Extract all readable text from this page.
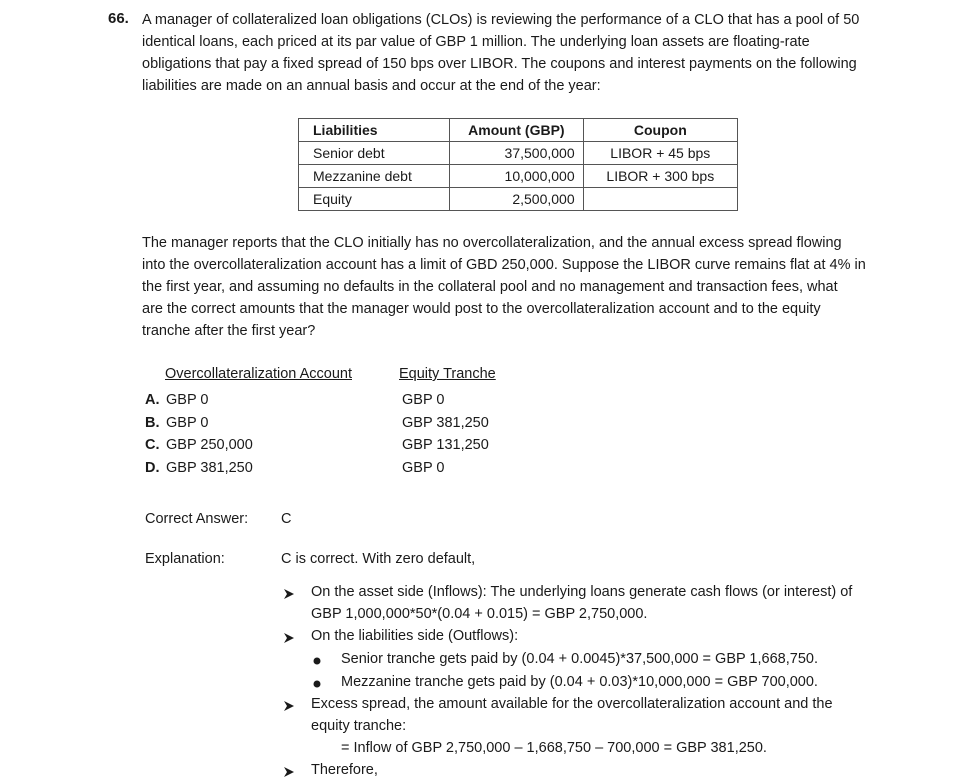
66. A manager of collateralized loan obligations (CLOs) is reviewing the performance of a CLO that has a pool of 50
identical loans, each priced at its par value of GBP 1 million. The underlying loan assets are floating-rate
obligations that pay a fixed spread of 150 bps over LIBOR. The coupons and interest payments on the following
liabilities are made on an annual basis and occur at the end of the year:
Liabilities	Amount (GBP)	Coupon
Senior debt	37,500,000	LIBOR + 45 bps
Mezzanine debt	10,000,000	LIBOR + 300 bps
Equity	2,500,000	
The manager reports that the CLO initially has no overcollateralization, and the annual excess spread flowing
into the overcollateralization account has a limit of GBD 250,000. Suppose the LIBOR curve remains flat at 4% in
the first year, and assuming no defaults in the collateral pool and no management and transaction fees, what
are the correct amounts that the manager would post to the overcollateralization account and to the equity
tranche after the first year?
Overcollateralization Account	Equity Tranche
A. GBP 0	GBP 0
B. GBP 0	GBP 381,250
C. GBP 250,000	GBP 131,250
D. GBP 381,250	GBP 0
Correct Answer: C
Explanation:	C is correct. With zero default,
On the asset side (Inflows): The underlying loans generate cash flows (or interest) of
GBP 1,000,000*50*(0.04 + 0.015) = GBP 2,750,000.
On the liabilities side (Outflows):
Senior tranche gets paid by (0.04 + 0.0045)*37,500,000 = GBP 1,668,750.
Mezzanine tranche gets paid by (0.04 + 0.03)*10,000,000 = GBP 700,000.
Excess spread, the amount available for the overcollateralization account and the
equity tranche:
= Inflow of GBP 2,750,000 – 1,668,750 – 700,000 = GBP 381,250.
Therefore,
